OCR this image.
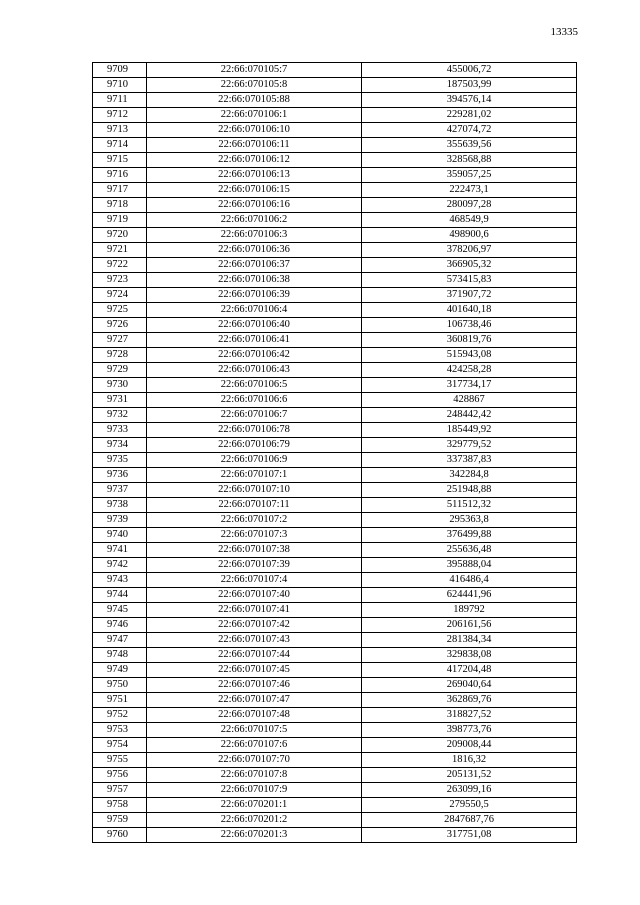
13335
9709	22:66:070105:7	455006,72
9710	22:66:070105:8	187503,99
9711	22:66:070105:88	394576,14
9712	22:66:070106:1	229281,02
9713	22:66:070106:10	427074,72
9714	22:66:070106:11	355639,56
9715	22:66:070106:12	328568,88
9716	22:66:070106:13	359057,25
9717	22:66:070106:15	222473,1
9718	22:66:070106:16	280097,28
9719	22:66:070106:2	468549,9
9720	22:66:070106:3	498900,6
9721	22:66:070106:36	378206,97
9722	22:66:070106:37	366905,32
9723	22:66:070106:38	573415,83
9724	22:66:070106:39	371907,72
9725	22:66:070106:4	401640,18
9726	22:66:070106:40	106738,46
9727	22:66:070106:41	360819,76
9728	22:66:070106:42	515943,08
9729	22:66:070106:43	424258,28
9730	22:66:070106:5	317734,17
9731	22:66:070106:6	428867
9732	22:66:070106:7	248442,42
9733	22:66:070106:78	185449,92
9734	22:66:070106:79	329779,52
9735	22:66:070106:9	337387,83
9736	22:66:070107:1	342284,8
9737	22:66:070107:10	251948,88
9738	22:66:070107:11	511512,32
9739	22:66:070107:2	295363,8
9740	22:66:070107:3	376499,88
9741	22:66:070107:38	255636,48
9742	22:66:070107:39	395888,04
9743	22:66:070107:4	416486,4
9744	22:66:070107:40	624441,96
9745	22:66:070107:41	189792
9746	22:66:070107:42	206161,56
9747	22:66:070107:43	281384,34
9748	22:66:070107:44	329838,08
9749	22:66:070107:45	417204,48
9750	22:66:070107:46	269040,64
9751	22:66:070107:47	362869,76
9752	22:66:070107:48	318827,52
9753	22:66:070107:5	398773,76
9754	22:66:070107:6	209008,44
9755	22:66:070107:70	1816,32
9756	22:66:070107:8	205131,52
9757	22:66:070107:9	263099,16
9758	22:66:070201:1	279550,5
9759	22:66:070201:2	2847687,76
9760	22:66:070201:3	317751,08
